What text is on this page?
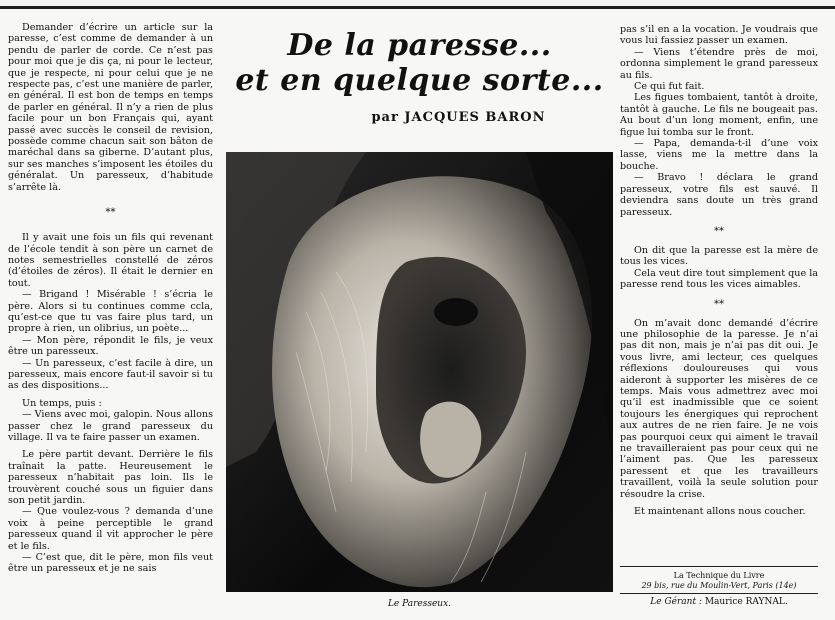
Demander d’écrire un article sur la paresse, c’est comme de demander à un pendu de parler de corde. Ce n’est pas pour moi que je dis ça, ni pour le lecteur, que je respecte, ni pour celui que je ne respecte pas, c’est une manière de parler, en général. Il est bon de temps en temps de parler en général. Il n’y a rien de plus facile pour un bon Français qui, ayant passé avec succès le conseil de revision, possède comme chacun sait son bâton de maréchal dans sa giberne. D’autant plus, sur ses manches s’imposent les étoiles du généralat. Un paresseux, d’habitude s’arrête là.

**

Il y avait une fois un fils qui revenant de l’école tendit à son père un carnet de notes semestrielles constellé de zéros (d’étoiles de zéros). Il était le dernier en tout.

— Brigand ! Misérable ! s’écria le père. Alors si tu continues comme ccla, qu’est-ce que tu vas faire plus tard, un propre à rien, un olibrius, un poète...

— Mon père, répondit le fils, je veux être un paresseux.

— Un paresseux, c’est facile à dire, un paresseux, mais encore faut-il savoir si tu as des dispositions...

Un temps, puis :

— Viens avec moi, galopin. Nous allons passer chez le grand paresseux du village. Il va te faire passer un examen.

Le père partit devant. Derrière le fils traînait la patte. Heureusement le paresseux n’habitait pas loin. Ils le trouvèrent couché sous un figuier dans son petit jardin.

— Que voulez-vous ? demanda d’une voix à peine perceptible le grand paresseux quand il vit approcher le père et le fils.

— C’est que, dit le père, mon fils veut être un paresseux et je ne sais

De la paresse...
et en quelque sorte...
par JACQUES BARON
Le Paresseux.

pas s’il en a la vocation. Je voudrais que vous lui fassiez passer un examen.

— Viens t’étendre près de moi, ordonna simplement le grand paresseux au fils.

Ce qui fut fait.

Les figues tombaient, tantôt à droite, tantôt à gauche. Le fils ne bougeait pas. Au bout d’un long moment, enfin, une figue lui tomba sur le front.

— Papa, demanda-t-il d’une voix lasse, viens me la mettre dans la bouche.

— Bravo ! déclara le grand paresseux, votre fils est sauvé. Il deviendra sans doute un très grand paresseux.

**

On dit que la paresse est la mère de tous les vices.

Cela veut dire tout simplement que la paresse rend tous les vices aimables.

**

On m’avait donc demandé d’écrire une philosophie de la paresse. Je n’ai pas dit non, mais je n’ai pas dit oui. Je vous livre, ami lecteur, ces quelques réflexions douloureuses qui vous aideront à supporter les misères de ce temps. Mais vous admettrez avec moi qu’il est inadmissible que ce soient toujours les énergiques qui reprochent aux autres de ne rien faire. Je ne vois pas pourquoi ceux qui aiment le travail ne travailleraient pas pour ceux qui ne l’aiment pas. Que les paresseux paressent et que les travailleurs travaillent, voilà la seule solution pour résoudre la crise.

Et maintenant allons nous coucher.

La Technique du Livre
29 bis, rue du Moulin-Vert, Paris (14e)
Le Gérant : Maurice RAYNAL.
